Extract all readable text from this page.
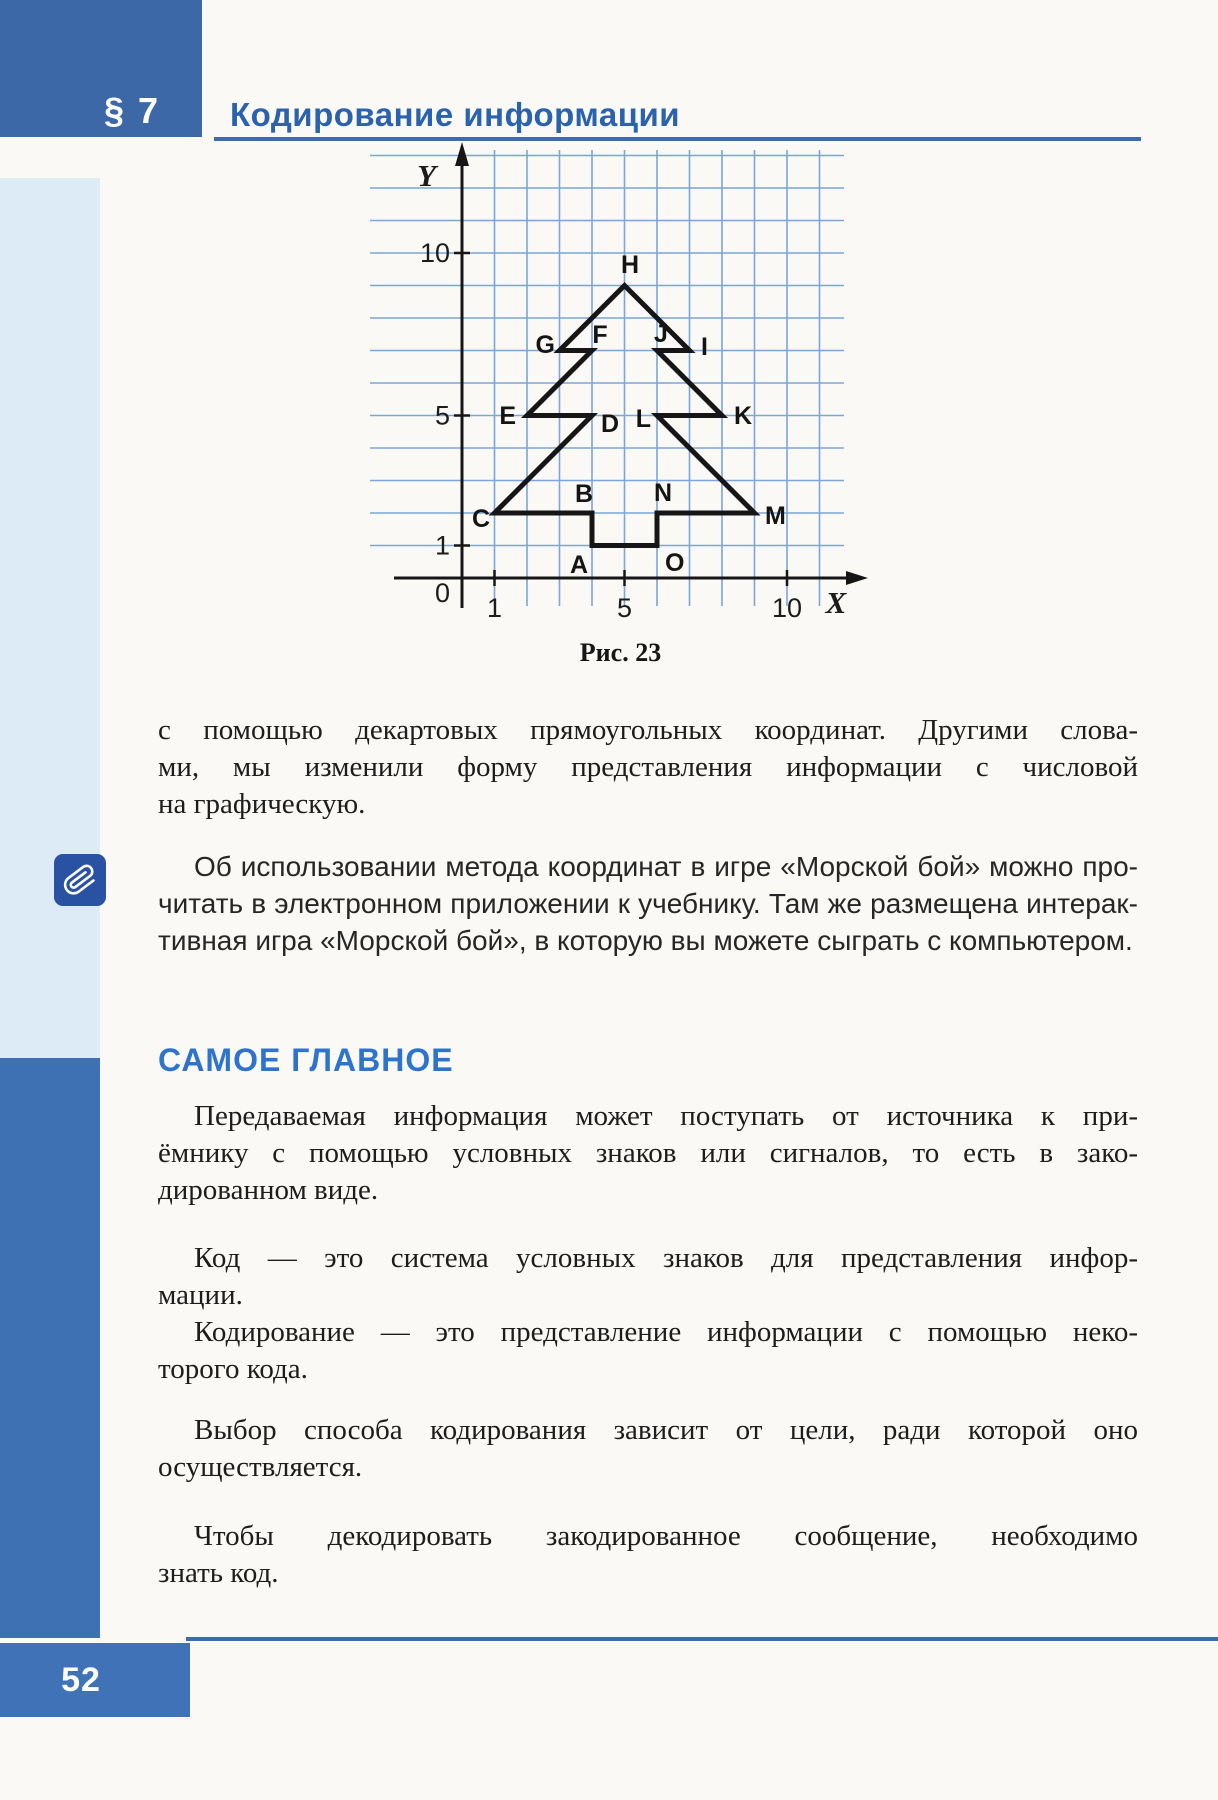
§ 7 Кодирование информации
1
5
10
1	5	10
0
Y
X
A
B
C
D
E
F
G
H
I
J
K
L
M
N
O
Рис. 23
с помощью декартовых прямоугольных координат. Другими слова-
ми, мы изменили форму представления информации с числовой
на графическую.
Об использовании метода координат в игре «Морской бой» можно про-
читать в электронном приложении к учебнику. Там же размещена интерак-
тивная игра «Морской бой», в которую вы можете сыграть с компьютером.
САМОЕ ГЛАВНОЕ
Передаваемая информация может поступать от источника к при-
ёмнику с помощью условных знаков или сигналов, то есть в зако-
дированном виде.
Код — это система условных знаков для представления инфор-
мации.
Кодирование — это представление информации с помощью неко-
торого кода.
Выбор способа кодирования зависит от цели, ради которой оно
осуществляется.
Чтобы декодировать закодированное сообщение, необходимо
знать код.
52
